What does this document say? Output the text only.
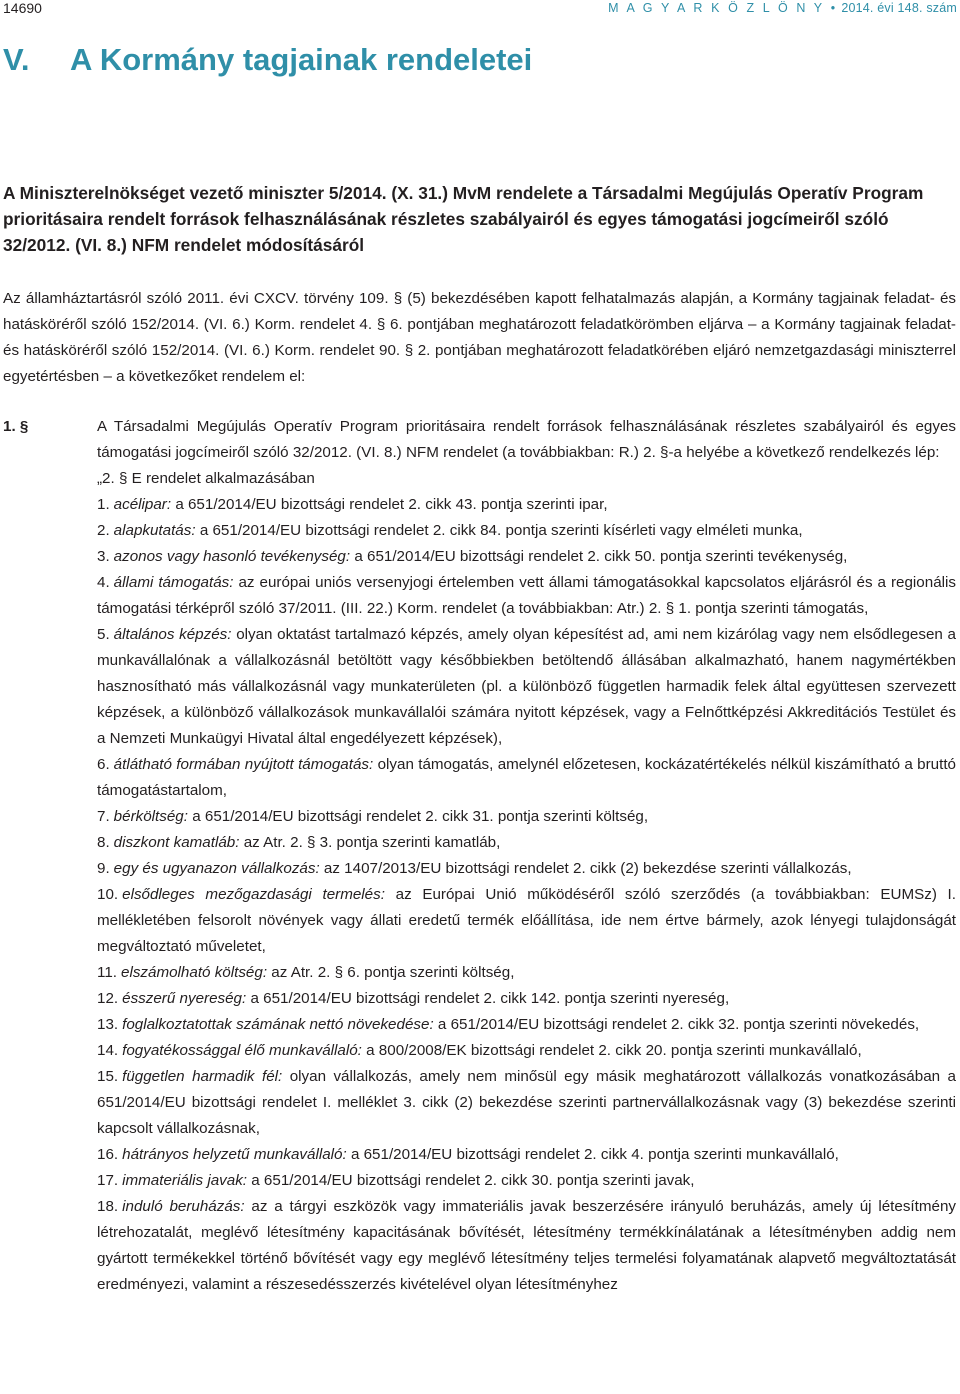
14690	M A G Y A R K Ö Z L Ö N Y • 2014. évi 148. szám
V. A Kormány tagjainak rendeletei
A Miniszterelnökséget vezető miniszter 5/2014. (X. 31.) MvM rendelete a Társadalmi Megújulás Operatív Program prioritásaira rendelt források felhasználásának részletes szabályairól és egyes támogatási jogcímeiről szóló 32/2012. (VI. 8.) NFM rendelet módosításáról
Az államháztartásról szóló 2011. évi CXCV. törvény 109. § (5) bekezdésében kapott felhatalmazás alapján, a Kormány tagjainak feladat- és hatásköréről szóló 152/2014. (VI. 6.) Korm. rendelet 4. § 6. pontjában meghatározott feladatkörömben eljárva – a Kormány tagjainak feladat- és hatásköréről szóló 152/2014. (VI. 6.) Korm. rendelet 90. § 2. pontjában meghatározott feladatkörében eljáró nemzetgazdasági miniszterrel egyetértésben – a következőket rendelem el:
1. §	A Társadalmi Megújulás Operatív Program prioritásaira rendelt források felhasználásának részletes szabályairól és egyes támogatási jogcímeiről szóló 32/2012. (VI. 8.) NFM rendelet (a továbbiakban: R.) 2. §-a helyébe a következő rendelkezés lép:
„2. § E rendelet alkalmazásában
1. acélipar: a 651/2014/EU bizottsági rendelet 2. cikk 43. pontja szerinti ipar,
2. alapkutatás: a 651/2014/EU bizottsági rendelet 2. cikk 84. pontja szerinti kísérleti vagy elméleti munka,
3. azonos vagy hasonló tevékenység: a 651/2014/EU bizottsági rendelet 2. cikk 50. pontja szerinti tevékenység,
4. állami támogatás: az európai uniós versenyjogi értelemben vett állami támogatásokkal kapcsolatos eljárásról és a regionális támogatási térképről szóló 37/2011. (III. 22.) Korm. rendelet (a továbbiakban: Atr.) 2. § 1. pontja szerinti támogatás,
5. általános képzés: olyan oktatást tartalmazó képzés, amely olyan képesítést ad, ami nem kizárólag vagy nem elsődlegesen a munkavállalónak a vállalkozásnál betöltött vagy későbbiekben betöltendő állásában alkalmazható, hanem nagymértékben hasznosítható más vállalkozásnál vagy munkaterületen (pl. a különböző független harmadik felek által együttesen szervezett képzések, a különböző vállalkozások munkavállalói számára nyitott képzések, vagy a Felnőttképzési Akkreditációs Testület és a Nemzeti Munkaügyi Hivatal által engedélyezett képzések),
6. átlátható formában nyújtott támogatás: olyan támogatás, amelynél előzetesen, kockázatértékelés nélkül kiszámítható a bruttó támogatástartalom,
7. bérköltség: a 651/2014/EU bizottsági rendelet 2. cikk 31. pontja szerinti költség,
8. diszkont kamatláb: az Atr. 2. § 3. pontja szerinti kamatláb,
9. egy és ugyanazon vállalkozás: az 1407/2013/EU bizottsági rendelet 2. cikk (2) bekezdése szerinti vállalkozás,
10. elsődleges mezőgazdasági termelés: az Európai Unió működéséről szóló szerződés (a továbbiakban: EUMSz) I. mellékletében felsorolt növények vagy állati eredetű termék előállítása, ide nem értve bármely, azok lényegi tulajdonságát megváltoztató műveletet,
11. elszámolható költség: az Atr. 2. § 6. pontja szerinti költség,
12. ésszerű nyereség: a 651/2014/EU bizottsági rendelet 2. cikk 142. pontja szerinti nyereség,
13. foglalkoztatottak számának nettó növekedése: a 651/2014/EU bizottsági rendelet 2. cikk 32. pontja szerinti növekedés,
14. fogyatékossággal élő munkavállaló: a 800/2008/EK bizottsági rendelet 2. cikk 20. pontja szerinti munkavállaló,
15. független harmadik fél: olyan vállalkozás, amely nem minősül egy másik meghatározott vállalkozás vonatkozásában a 651/2014/EU bizottsági rendelet I. melléklet 3. cikk (2) bekezdése szerinti partnervállalkozásnak vagy (3) bekezdése szerinti kapcsolt vállalkozásnak,
16. hátrányos helyzetű munkavállaló: a 651/2014/EU bizottsági rendelet 2. cikk 4. pontja szerinti munkavállaló,
17. immateriális javak: a 651/2014/EU bizottsági rendelet 2. cikk 30. pontja szerinti javak,
18. induló beruházás: az a tárgyi eszközök vagy immateriális javak beszerzésére irányuló beruházás, amely új létesítmény létrehozatalát, meglévő létesítmény kapacitásának bővítését, létesítmény termékkínálatának a létesítményben addig nem gyártott termékekkel történő bővítését vagy egy meglévő létesítmény teljes termelési folyamatának alapvető megváltoztatását eredményezi, valamint a részesedésszerzés kivételével olyan létesítményhez
